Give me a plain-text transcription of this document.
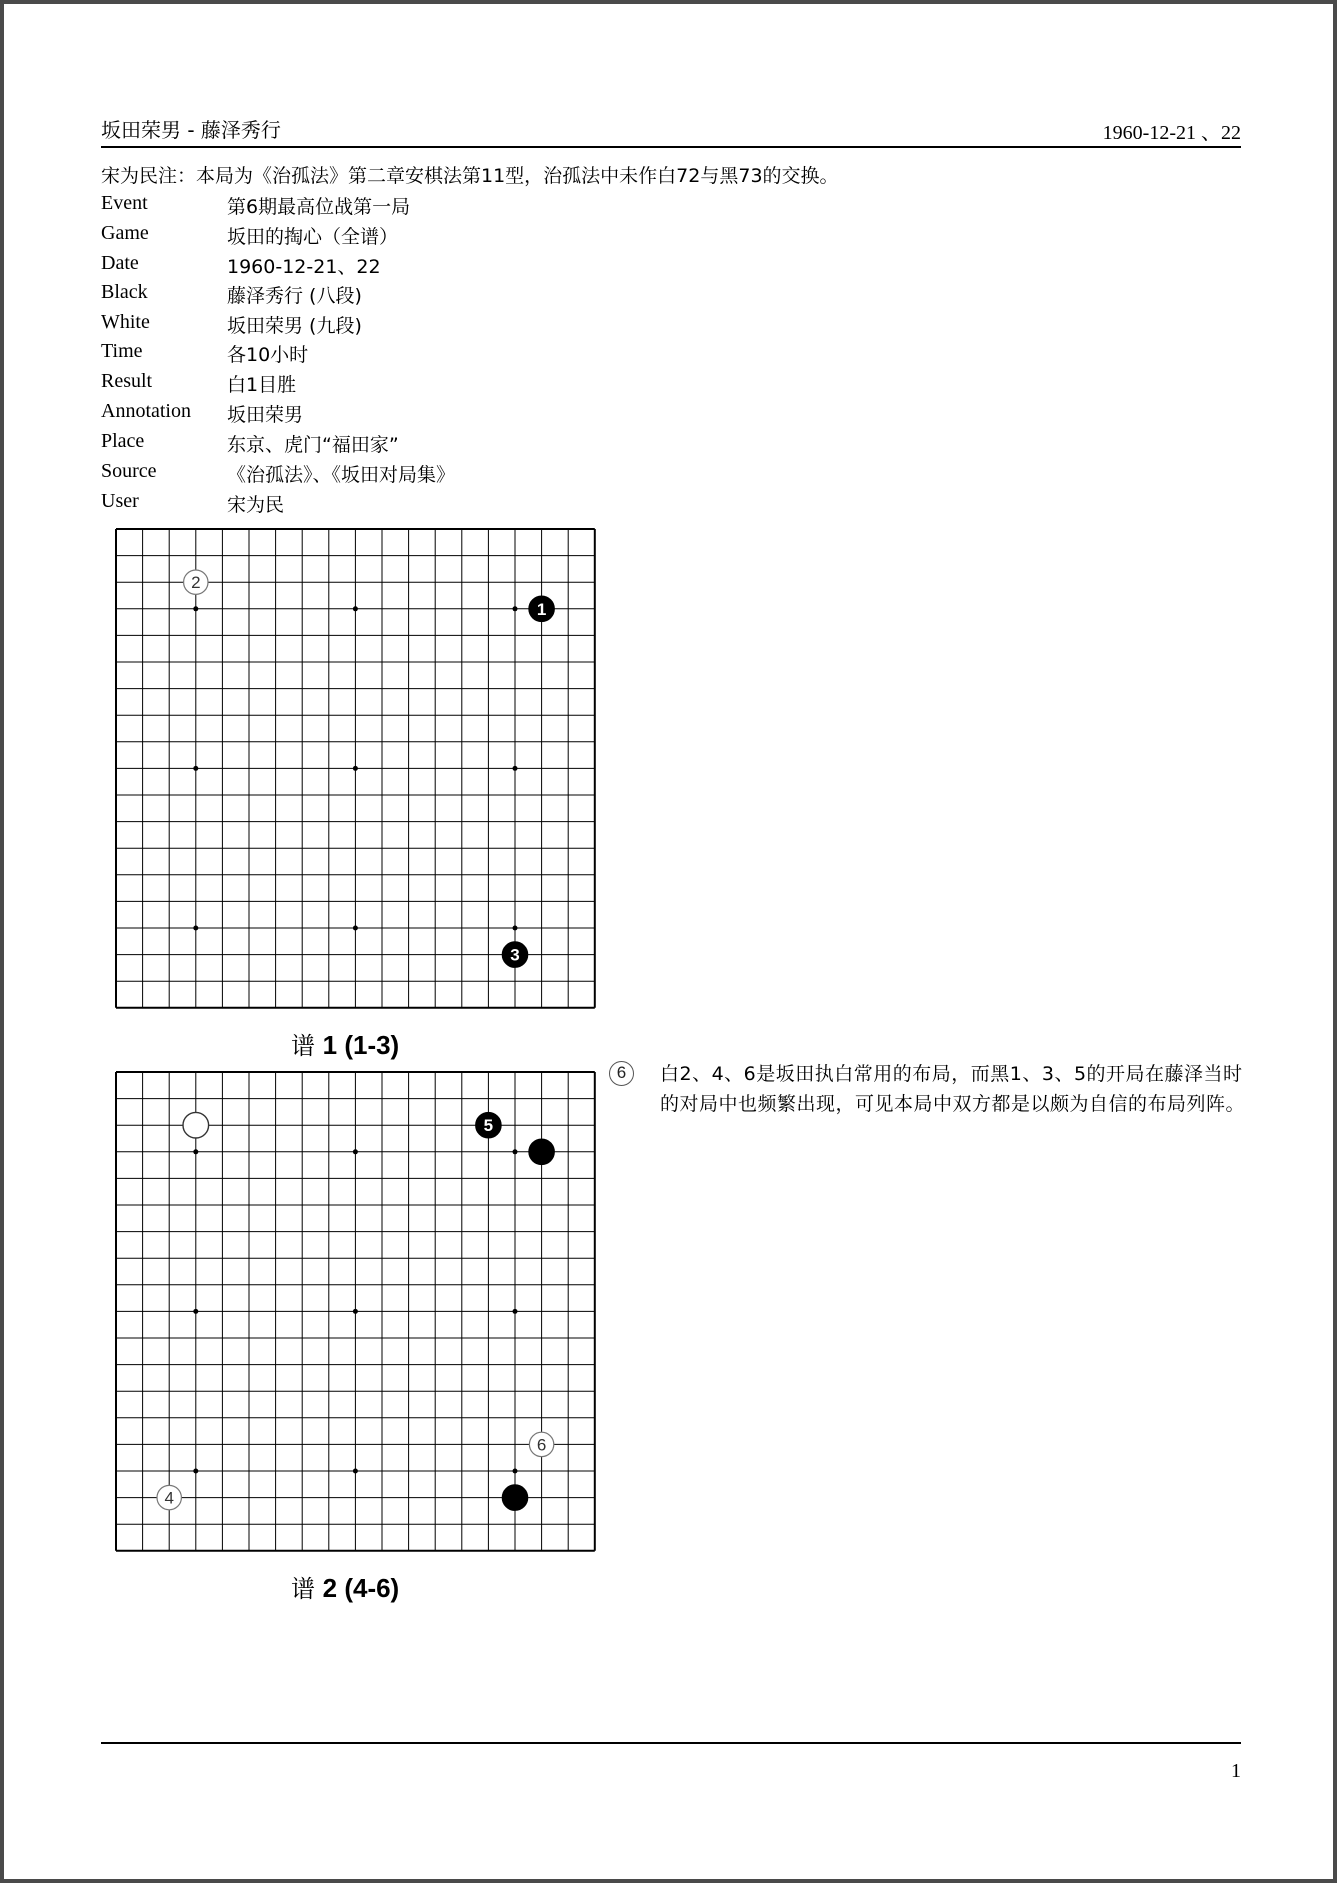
坂田荣男 - 藤泽秀行	1960-12-21 、22
宋为民注：本局为《治孤法》第二章安棋法第11型，治孤法中未作白72与黑73的交换。
Event	第6期最高位战第一局
Game	坂田的掏心（全谱）
Date	1960-12-21、22
Black	藤泽秀行 (八段)
White	坂田荣男 (九段)
Time	各10小时
Result	白1目胜
Annotation	坂田荣男
Place	东京、虎门“福田家”
Source	《治孤法》、《坂田对局集》
User	宋为民
1
2
3
谱 1 (1-3)
4
5
6
谱 2 (4-6)
6	白2、4、6是坂田执白常用的布局，而黑1、3、5的开局在藤泽当时的对局中也频繁出现，可见本局中双方都是以颇为自信的布局列阵。
1
